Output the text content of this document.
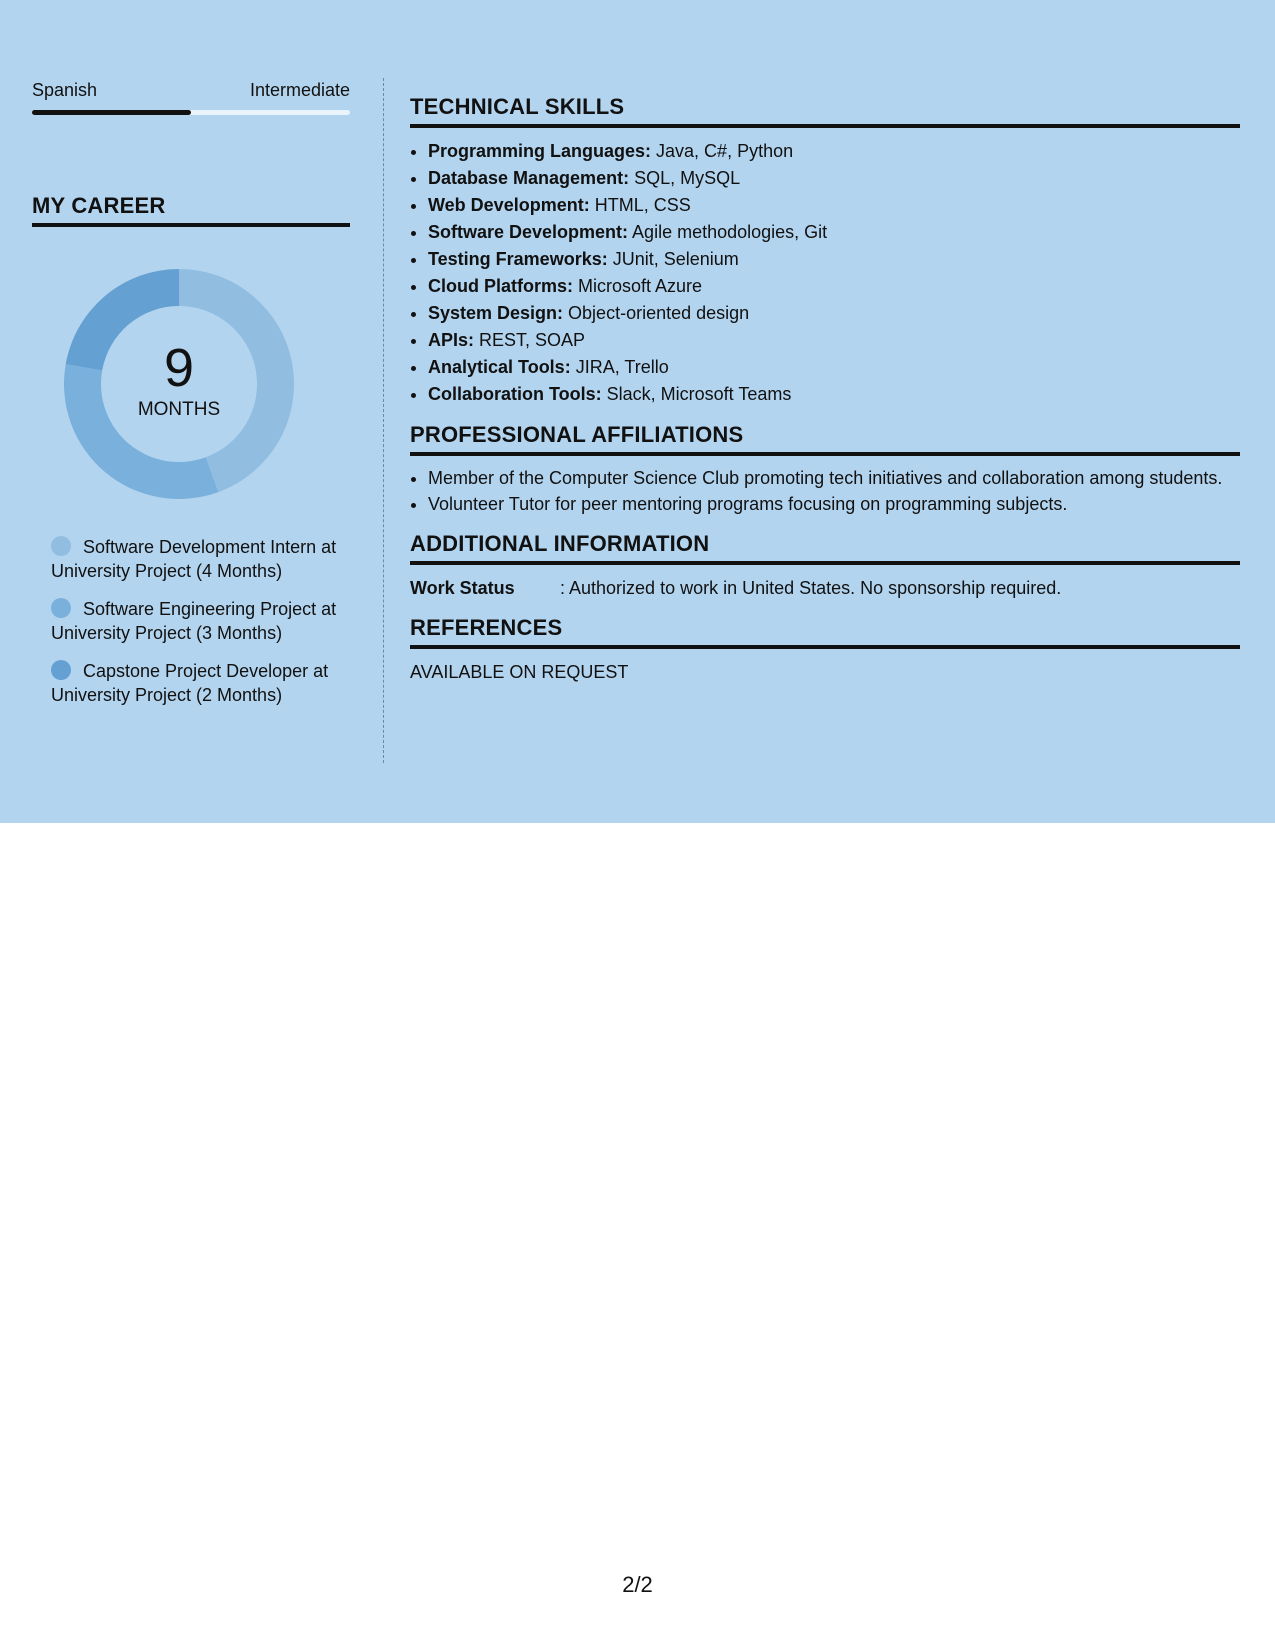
Spanish	Intermediate
MY CAREER
9
MONTHS
Software Development Intern at University Project (4 Months)
Software Engineering Project at University Project (3 Months)
Capstone Project Developer at University Project (2 Months)
TECHNICAL SKILLS
• Programming Languages: Java, C#, Python
• Database Management: SQL, MySQL
• Web Development: HTML, CSS
• Software Development: Agile methodologies, Git
• Testing Frameworks: JUnit, Selenium
• Cloud Platforms: Microsoft Azure
• System Design: Object-oriented design
• APIs: REST, SOAP
• Analytical Tools: JIRA, Trello
• Collaboration Tools: Slack, Microsoft Teams
PROFESSIONAL AFFILIATIONS
• Member of the Computer Science Club promoting tech initiatives and collaboration among students.
• Volunteer Tutor for peer mentoring programs focusing on programming subjects.
ADDITIONAL INFORMATION
Work Status	: Authorized to work in United States. No sponsorship required.
REFERENCES
AVAILABLE ON REQUEST
2/2
